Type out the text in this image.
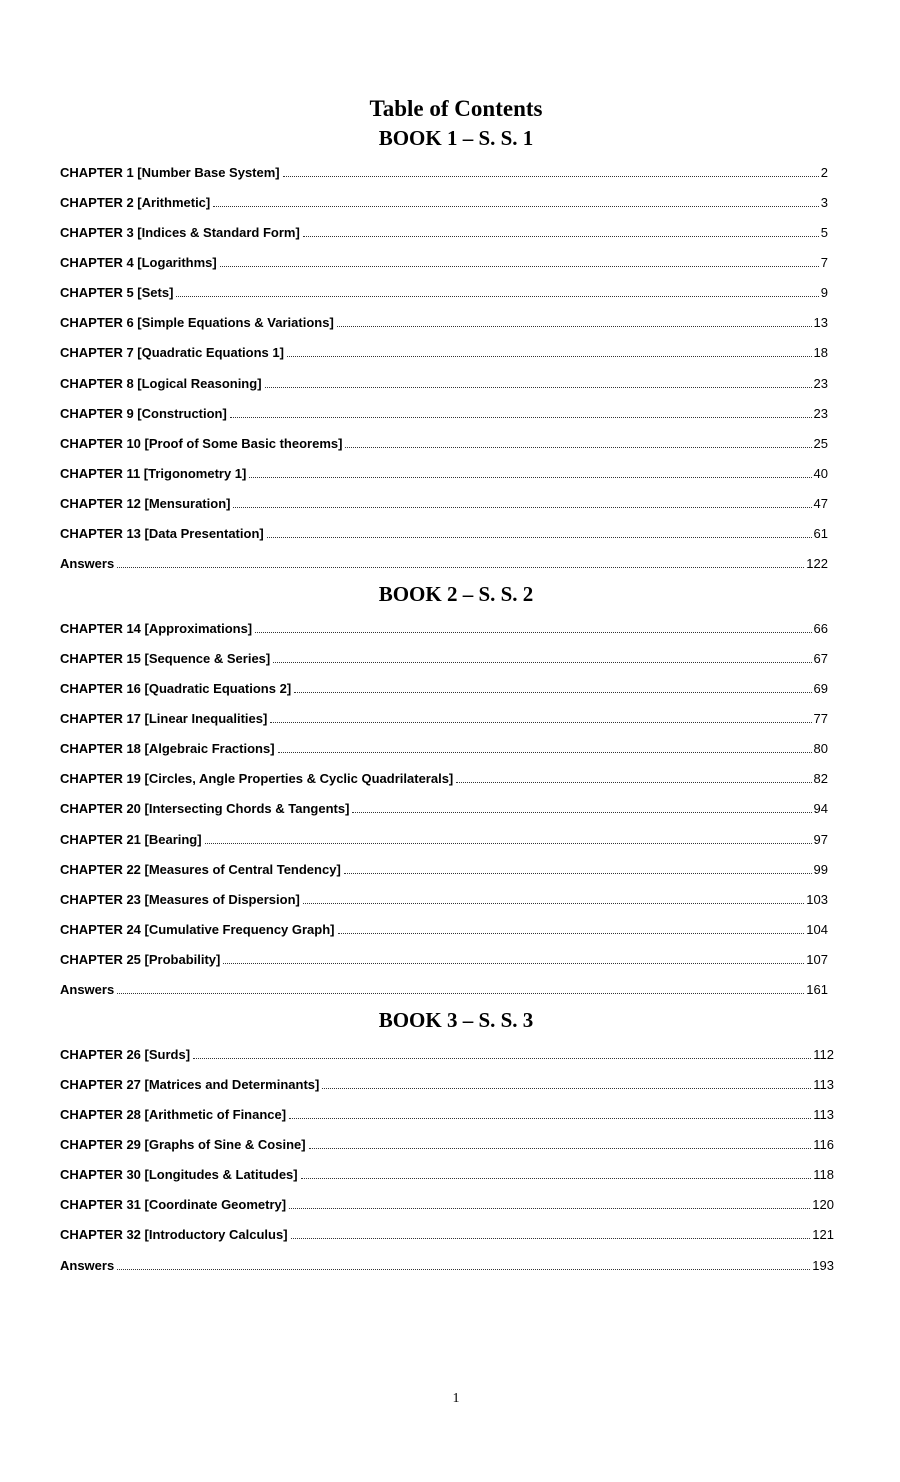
Table of Contents
BOOK 1 – S. S. 1
CHAPTER 1 [Number Base System]	2
CHAPTER 2 [Arithmetic]	3
CHAPTER 3 [Indices & Standard Form]	5
CHAPTER 4 [Logarithms]	7
CHAPTER 5 [Sets]	9
CHAPTER 6 [Simple Equations & Variations]	13
CHAPTER 7 [Quadratic Equations 1]	18
CHAPTER 8 [Logical Reasoning]	23
CHAPTER 9 [Construction]	23
CHAPTER 10 [Proof of Some Basic theorems]	25
CHAPTER 11 [Trigonometry 1]	40
CHAPTER 12 [Mensuration]	47
CHAPTER 13 [Data Presentation]	61
Answers	122
BOOK 2 – S. S. 2
CHAPTER 14 [Approximations]	66
CHAPTER 15 [Sequence & Series]	67
CHAPTER 16 [Quadratic Equations 2]	69
CHAPTER 17 [Linear Inequalities]	77
CHAPTER 18 [Algebraic Fractions]	80
CHAPTER 19 [Circles, Angle Properties & Cyclic Quadrilaterals]	82
CHAPTER 20 [Intersecting Chords & Tangents]	94
CHAPTER 21 [Bearing]	97
CHAPTER 22 [Measures of Central Tendency]	99
CHAPTER 23 [Measures of Dispersion]	103
CHAPTER 24 [Cumulative Frequency Graph]	104
CHAPTER 25 [Probability]	107
Answers	161
BOOK 3 – S. S. 3
CHAPTER 26 [Surds]	112
CHAPTER 27 [Matrices and Determinants]	113
CHAPTER 28 [Arithmetic of Finance]	113
CHAPTER 29 [Graphs of Sine & Cosine]	116
CHAPTER 30 [Longitudes & Latitudes]	118
CHAPTER 31 [Coordinate Geometry]	120
CHAPTER 32 [Introductory Calculus]	121
Answers	193
1
